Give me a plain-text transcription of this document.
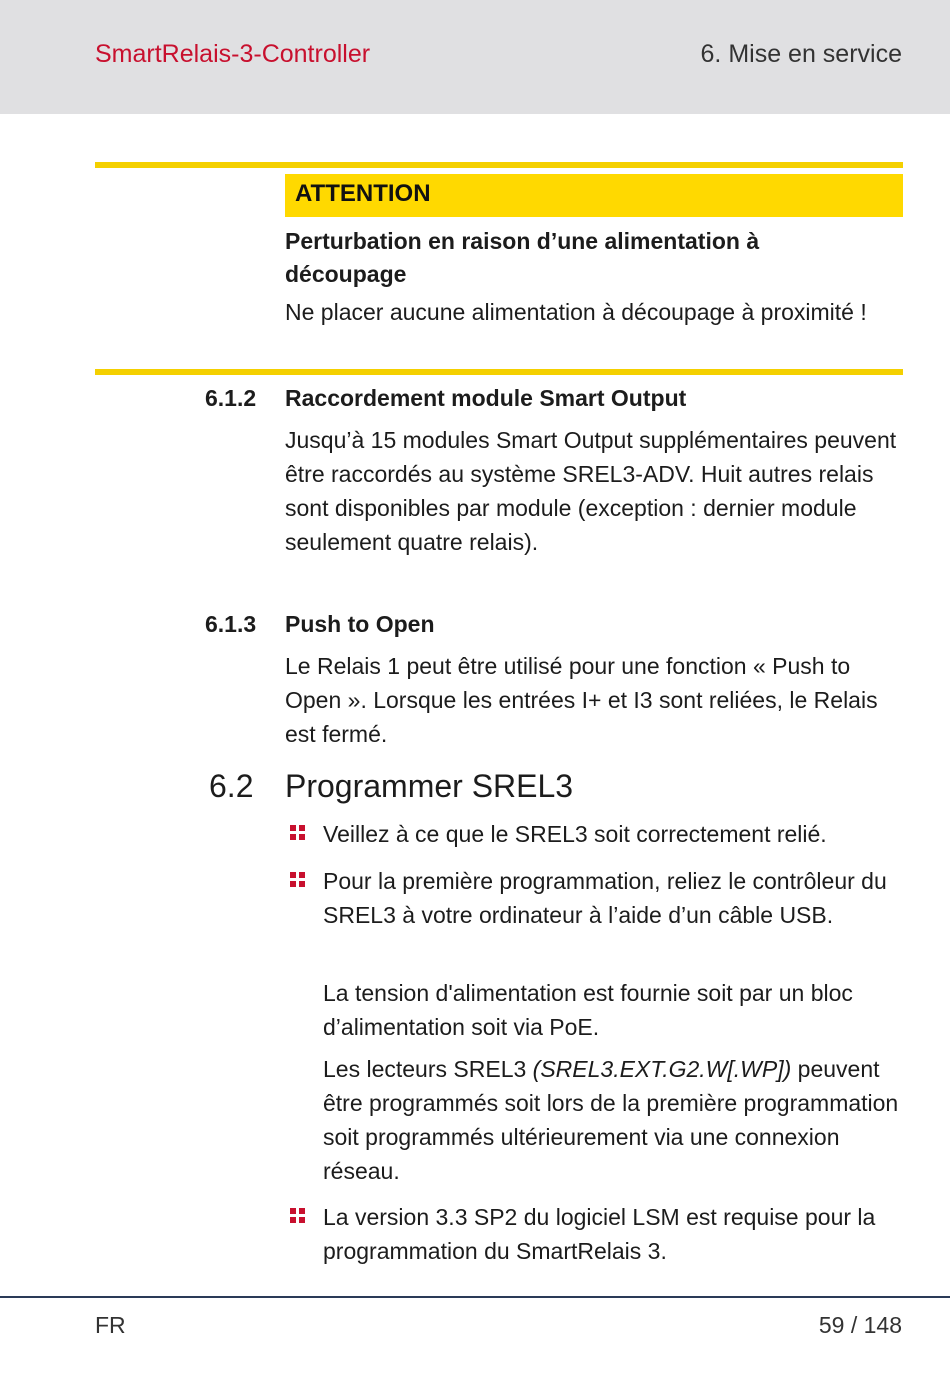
SmartRelais-3-Controller	6. Mise en service
ATTENTION
Perturbation en raison d’une alimentation à découpage
Ne placer aucune alimentation à découpage à proximité !
6.1.2 Raccordement module Smart Output
Jusqu’à 15 modules Smart Output supplémentaires peuvent être raccordés au système SREL3-ADV. Huit autres relais sont disponibles par module (exception : dernier module seulement quatre relais).
6.1.3 Push to Open
Le Relais 1 peut être utilisé pour une fonction « Push to Open ». Lorsque les entrées I+ et I3 sont reliées, le Relais est fermé.
6.2 Programmer SREL3
Veillez à ce que le SREL3 soit correctement relié.
Pour la première programmation, reliez le contrôleur du SREL3 à votre ordinateur à l’aide d’un câble USB.
La tension d'alimentation est fournie soit par un bloc d’alimentation soit via PoE.
Les lecteurs SREL3 (SREL3.EXT.G2.W[.WP]) peuvent être programmés soit lors de la première programmation soit programmés ultérieurement via une connexion réseau.
La version 3.3 SP2 du logiciel LSM est requise pour la programmation du SmartRelais 3.
FR	59 / 148
